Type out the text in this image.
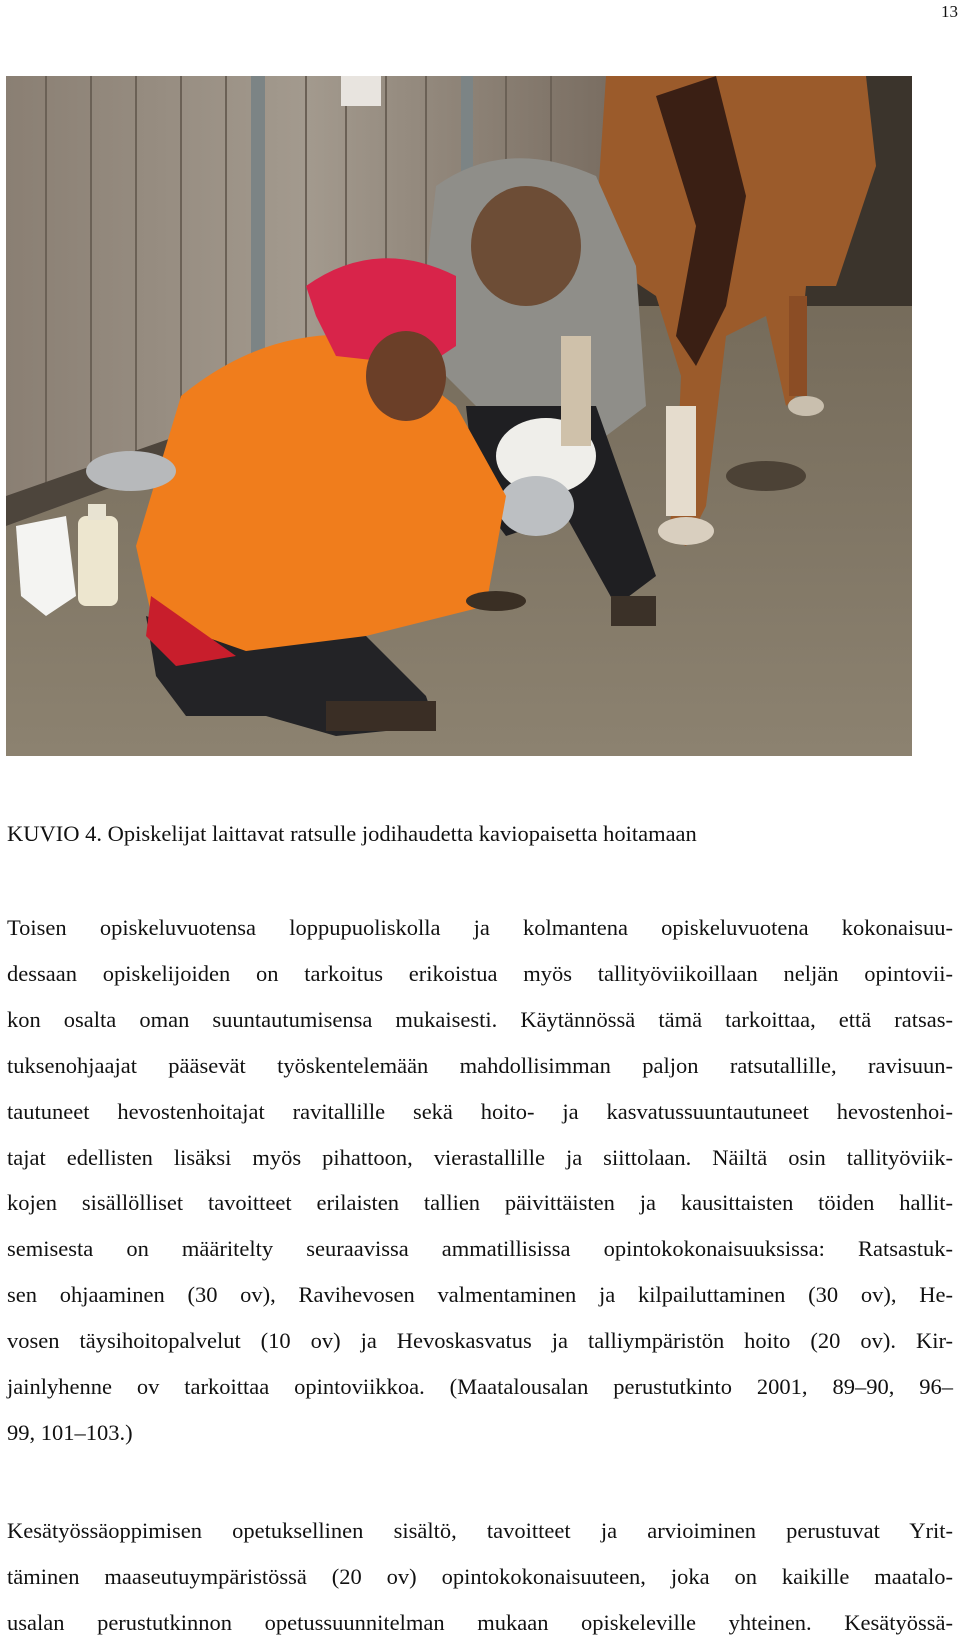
13
KUVIO 4. Opiskelijat laittavat ratsulle jodihaudetta kaviopaisetta hoitamaan
Toisen opiskeluvuotensa loppupuoliskolla ja kolmantena opiskeluvuotena kokonaisuu-
dessaan opiskelijoiden on tarkoitus erikoistua myös tallityöviikoillaan neljän opintovii-
kon osalta oman suuntautumisensa mukaisesti. Käytännössä tämä tarkoittaa, että ratsas-
tuksenohjaajat pääsevät työskentelemään mahdollisimman paljon ratsutallille, ravisuun-
tautuneet hevostenhoitajat ravitallille sekä hoito- ja kasvatussuuntautuneet hevostenhoi-
tajat edellisten lisäksi myös pihattoon, vierastallille ja siittolaan. Näiltä osin tallityöviik-
kojen sisällölliset tavoitteet erilaisten tallien päivittäisten ja kausittaisten töiden hallit-
semisesta on määritelty seuraavissa ammatillisissa opintokokonaisuuksissa: Ratsastuk-
sen ohjaaminen (30 ov), Ravihevosen valmentaminen ja kilpailuttaminen (30 ov), He-
vosen täysihoitopalvelut (10 ov) ja Hevoskasvatus ja talliympäristön hoito (20 ov). Kir-
jainlyhenne ov tarkoittaa opintoviikkoa. (Maatalousalan perustutkinto 2001, 89–90, 96–
99, 101–103.)
Kesätyössäoppimisen opetuksellinen sisältö, tavoitteet ja arvioiminen perustuvat Yrit-
täminen maaseutuympäristössä (20 ov) opintokokonaisuuteen, joka on kaikille maatalo-
usalan perustutkinnon opetussuunnitelman mukaan opiskeleville yhteinen. Kesätyössä-
